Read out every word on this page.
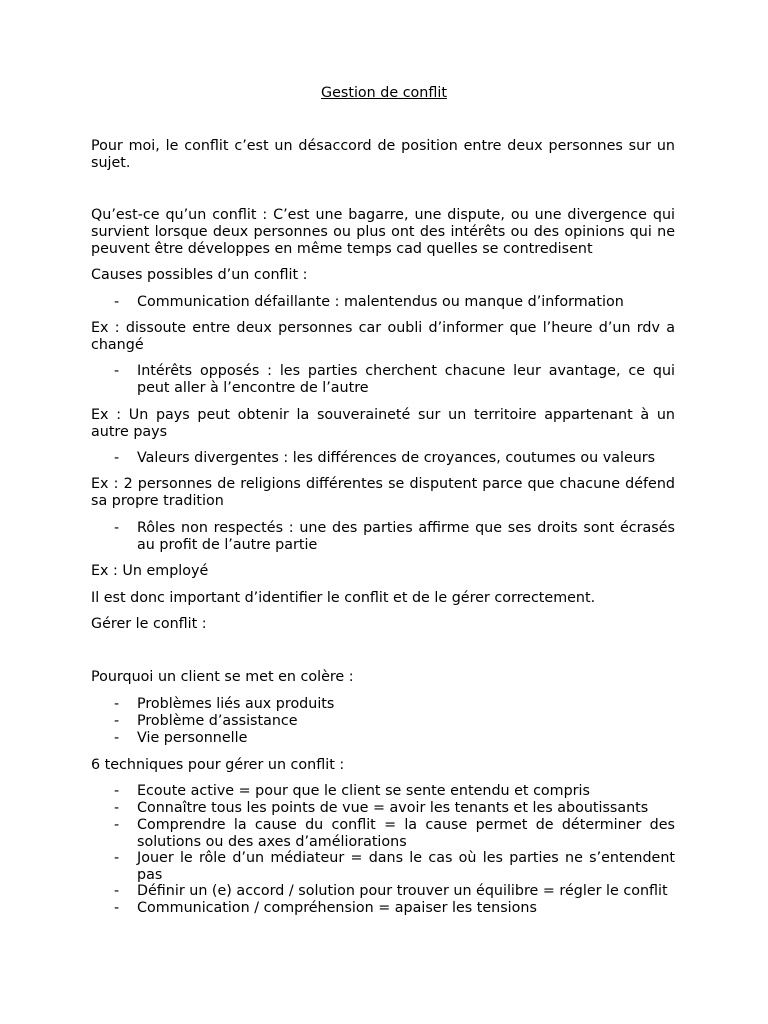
Gestion de conflit
Pour moi, le conflit c’est un désaccord de position entre deux personnes sur un sujet.
Qu’est-ce qu’un conflit : C’est une bagarre, une dispute, ou une divergence qui survient lorsque deux personnes ou plus ont des intérêts ou des opinions qui ne peuvent être développes en même temps cad quelles se contredisent
Causes possibles d’un conflit :
- Communication défaillante : malentendus ou manque d’information
Ex : dissoute entre deux personnes car oubli d’informer que l’heure d’un rdv a changé
- Intérêts opposés : les parties cherchent chacune leur avantage, ce qui peut aller à l’encontre de l’autre
Ex : Un pays peut obtenir la souveraineté sur un territoire appartenant à un autre pays
- Valeurs divergentes : les différences de croyances, coutumes ou valeurs
Ex : 2 personnes de religions différentes se disputent parce que chacune défend sa propre tradition
- Rôles non respectés : une des parties affirme que ses droits sont écrasés au profit de l’autre partie
Ex : Un employé
Il est donc important d’identifier le conflit et de le gérer correctement.
Gérer le conflit :
Pourquoi un client se met en colère :
- Problèmes liés aux produits
- Problème d’assistance
- Vie personnelle
6 techniques pour gérer un conflit :
- Ecoute active = pour que le client se sente entendu et compris
- Connaître tous les points de vue = avoir les tenants et les aboutissants
- Comprendre la cause du conflit = la cause permet de déterminer des solutions ou des axes d’améliorations
- Jouer le rôle d’un médiateur = dans le cas où les parties ne s’entendent pas
- Définir un (e) accord / solution pour trouver un équilibre = régler le conflit
- Communication / compréhension = apaiser les tensions
